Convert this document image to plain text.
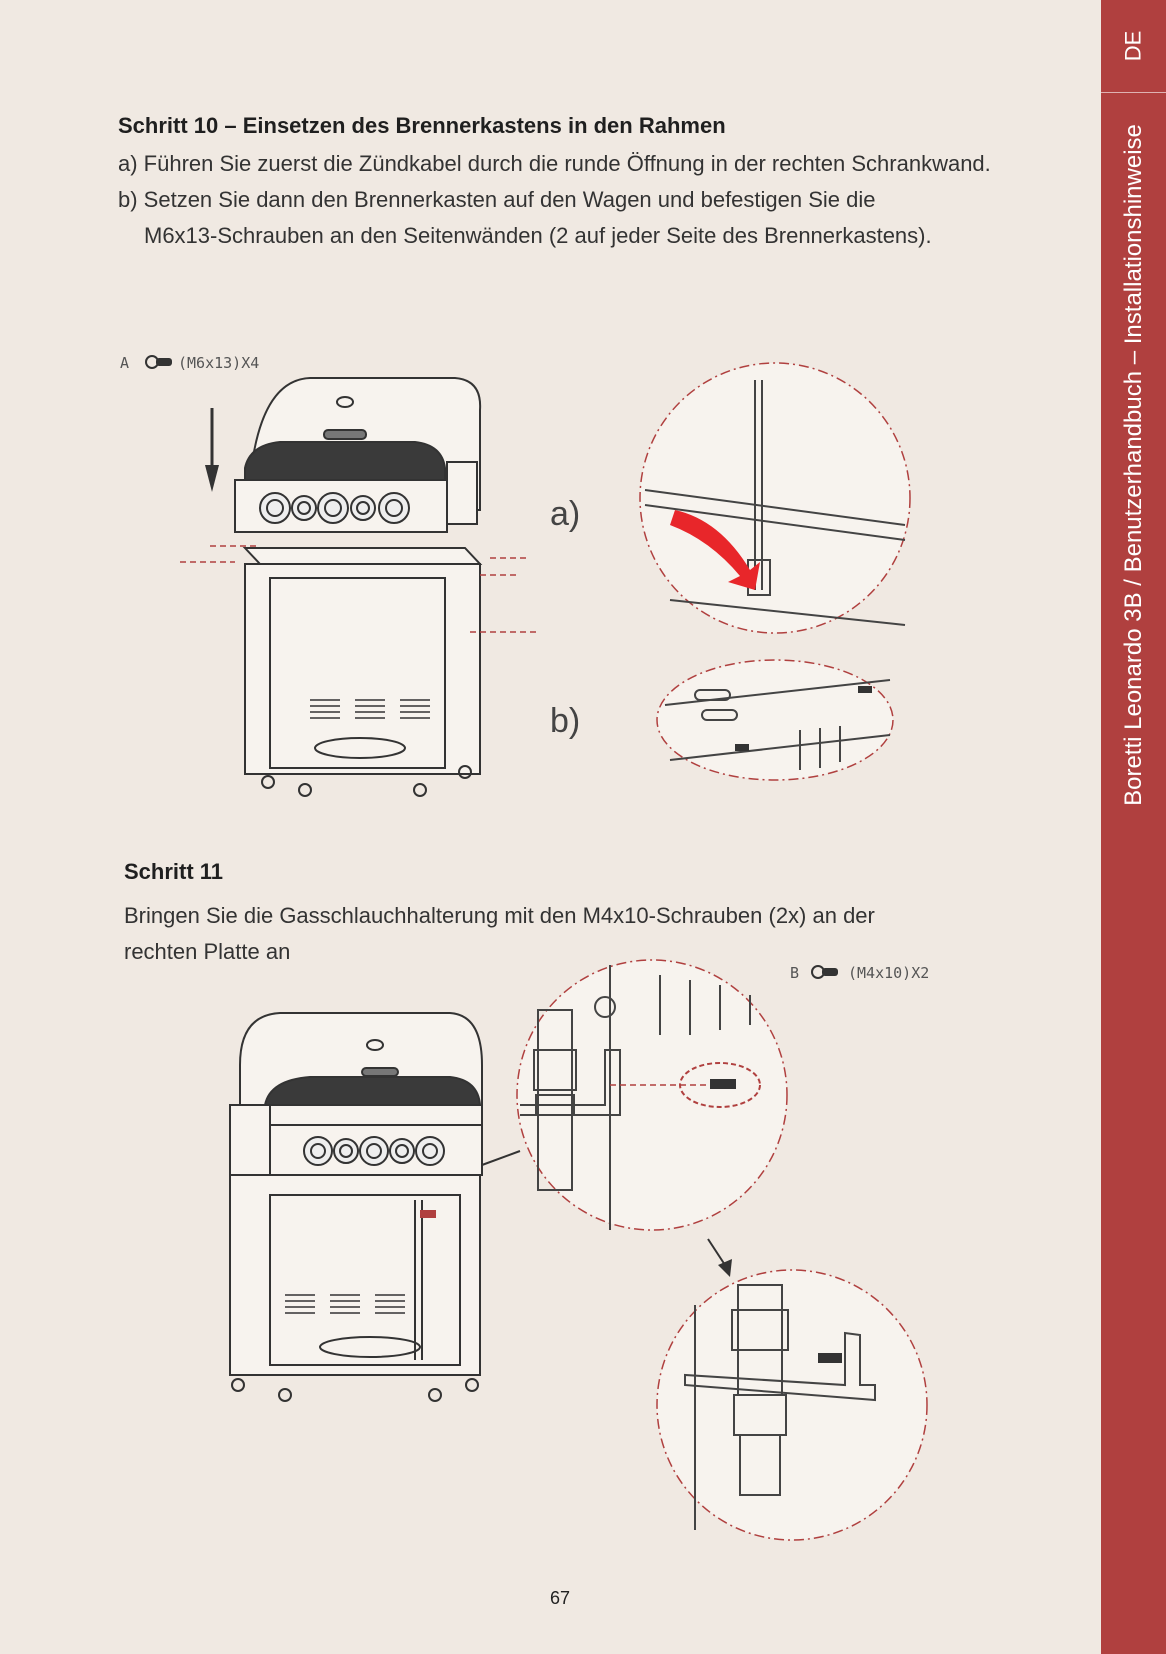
DE
Boretti Leonardo 3B / Benutzerhandbuch – Installationshinweise
Schritt 10 – Einsetzen des Brennerkastens in den Rahmen

a) Führen Sie zuerst die Zündkabel durch die runde Öffnung in der rechten Schrankwand.

b) Setzen Sie dann den Brennerkasten auf den Wagen und befestigen Sie die

M6x13-Schrauben an den Seitenwänden (2 auf jeder Seite des Brennerkastens).

A	(M6x13)X4
a)
b)
Schritt 11

Bringen Sie die Gasschlauchhalterung mit den M4x10-Schrauben (2x) an der

rechten Platte an

B	(M4x10)X2
67
